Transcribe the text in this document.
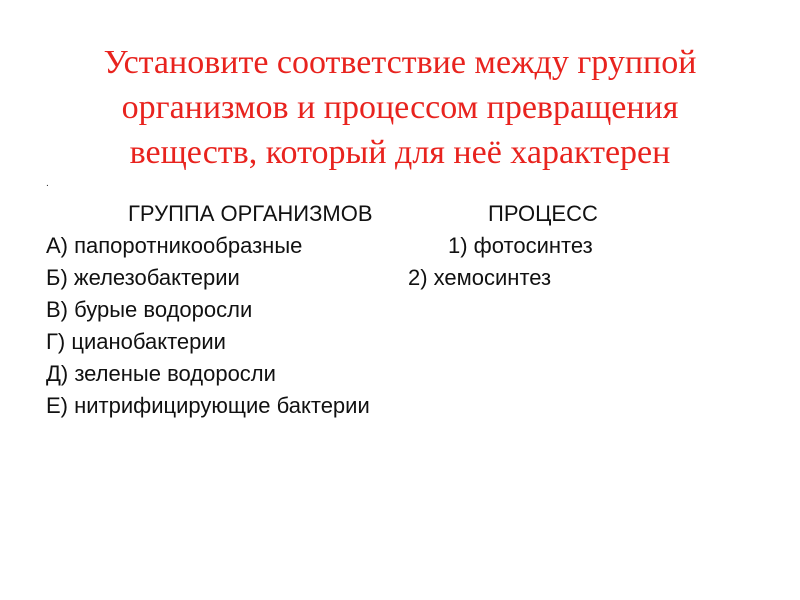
Установите соответствие между группой
организмов и процессом превращения
веществ, который для неё характерен
.
ГРУППА ОРГАНИЗМОВ	ПРОЦЕСС
А) папоротникообразные
Б) железобактерии
В) бурые водоросли
Г) цианобактерии
Д) зеленые водоросли
Е) нитрифицирующие бактерии
1) фотосинтез
2) хемосинтез
